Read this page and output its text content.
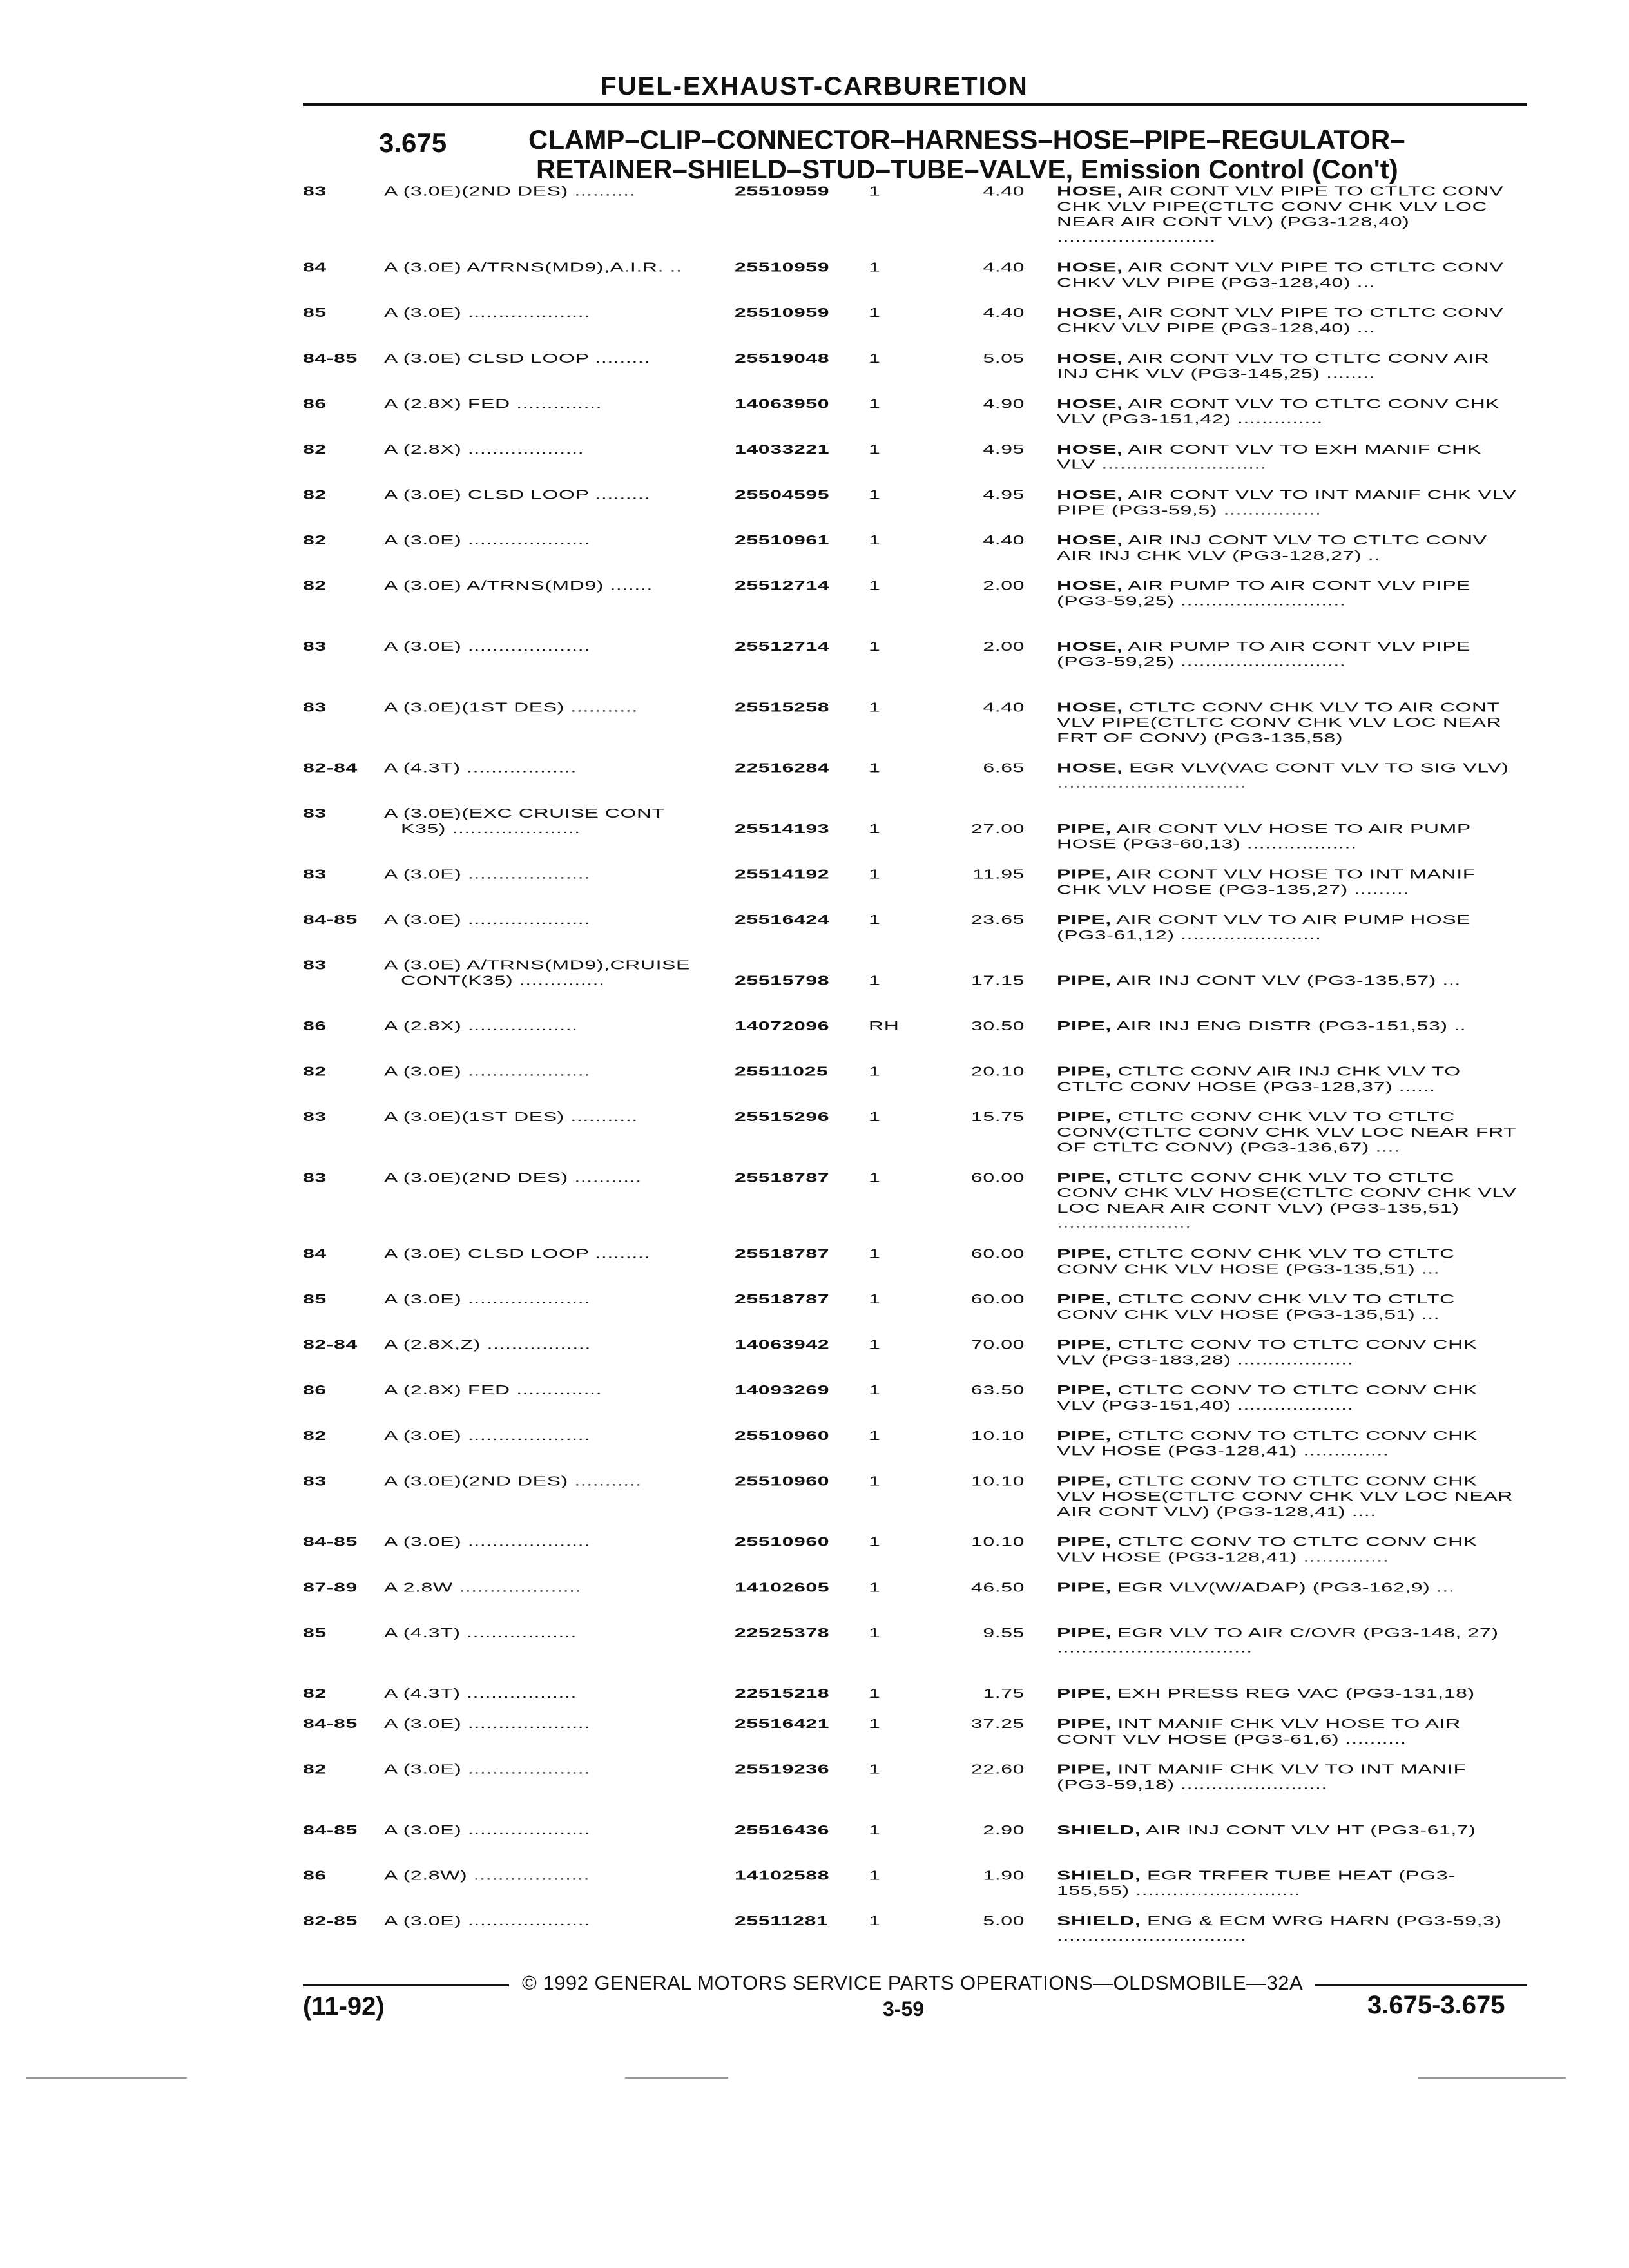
FUEL-EXHAUST-CARBURETION
3.675	CLAMP–CLIP–CONNECTOR–HARNESS–HOSE–PIPE–REGULATOR–
RETAINER–SHIELD–STUD–TUBE–VALVE, Emission Control (Con't)
83	A (3.0E)(2ND DES) ..........	25510959	1	4.40 HOSE, AIR CONT VLV PIPE TO CTLTC CONV CHK VLV PIPE(CTLTC CONV CHK VLV LOC NEAR AIR CONT VLV) (PG3-128,40) ..........................
84	A (3.0E) A/TRNS(MD9),A.I.R. ..	25510959	1	4.40 HOSE, AIR CONT VLV PIPE TO CTLTC CONV CHKV VLV PIPE (PG3-128,40) ...
85	A (3.0E) ....................	25510959	1	4.40 HOSE, AIR CONT VLV PIPE TO CTLTC CONV CHKV VLV PIPE (PG3-128,40) ...
84-85	A (3.0E) CLSD LOOP .........	25519048	1	5.05 HOSE, AIR CONT VLV TO CTLTC CONV AIR INJ CHK VLV (PG3-145,25) ........
86	A (2.8X) FED ..............	14063950	1	4.90 HOSE, AIR CONT VLV TO CTLTC CONV CHK VLV (PG3-151,42) ..............
82	A (2.8X) ...................	14033221	1	4.95 HOSE, AIR CONT VLV TO EXH MANIF CHK VLV ...........................
82	A (3.0E) CLSD LOOP .........	25504595	1	4.95 HOSE, AIR CONT VLV TO INT MANIF CHK VLV PIPE (PG3-59,5) ................
82	A (3.0E) ....................	25510961	1	4.40 HOSE, AIR INJ CONT VLV TO CTLTC CONV AIR INJ CHK VLV (PG3-128,27) ..
82	A (3.0E) A/TRNS(MD9) .......	25512714	1	2.00 HOSE, AIR PUMP TO AIR CONT VLV PIPE (PG3-59,25) ...........................
83	A (3.0E) ....................	25512714	1	2.00 HOSE, AIR PUMP TO AIR CONT VLV PIPE (PG3-59,25) ...........................
83	A (3.0E)(1ST DES) ...........	25515258	1	4.40 HOSE, CTLTC CONV CHK VLV TO AIR CONT VLV PIPE(CTLTC CONV CHK VLV LOC NEAR FRT OF CONV) (PG3-135,58)
82-84	A (4.3T) ..................	22516284	1	6.65 HOSE, EGR VLV(VAC CONT VLV TO SIG VLV) ...............................
83	A (3.0E)(EXC CRUISE CONT
K35) .....................	25514193	1	27.00 PIPE, AIR CONT VLV HOSE TO AIR PUMP HOSE (PG3-60,13) ..................
83	A (3.0E) ....................	25514192	1	11.95 PIPE, AIR CONT VLV HOSE TO INT MANIF CHK VLV HOSE (PG3-135,27) .........
84-85	A (3.0E) ....................	25516424	1	23.65 PIPE, AIR CONT VLV TO AIR PUMP HOSE (PG3-61,12) .......................
83	A (3.0E) A/TRNS(MD9),CRUISE
CONT(K35) ..............	25515798	1	17.15 PIPE, AIR INJ CONT VLV (PG3-135,57) ...
86	A (2.8X) ..................	14072096	RH	30.50 PIPE, AIR INJ ENG DISTR (PG3-151,53) ..
82	A (3.0E) ....................	25511025	1	20.10 PIPE, CTLTC CONV AIR INJ CHK VLV TO CTLTC CONV HOSE (PG3-128,37) ......
83	A (3.0E)(1ST DES) ...........	25515296	1	15.75 PIPE, CTLTC CONV CHK VLV TO CTLTC CONV(CTLTC CONV CHK VLV LOC NEAR FRT OF CTLTC CONV) (PG3-136,67) ....
83	A (3.0E)(2ND DES) ...........	25518787	1	60.00 PIPE, CTLTC CONV CHK VLV TO CTLTC CONV CHK VLV HOSE(CTLTC CONV CHK VLV LOC NEAR AIR CONT VLV) (PG3-135,51) ......................
84	A (3.0E) CLSD LOOP .........	25518787	1	60.00 PIPE, CTLTC CONV CHK VLV TO CTLTC CONV CHK VLV HOSE (PG3-135,51) ...
85	A (3.0E) ....................	25518787	1	60.00 PIPE, CTLTC CONV CHK VLV TO CTLTC CONV CHK VLV HOSE (PG3-135,51) ...
82-84	A (2.8X,Z) .................	14063942	1	70.00 PIPE, CTLTC CONV TO CTLTC CONV CHK VLV (PG3-183,28) ...................
86	A (2.8X) FED ..............	14093269	1	63.50 PIPE, CTLTC CONV TO CTLTC CONV CHK VLV (PG3-151,40) ...................
82	A (3.0E) ....................	25510960	1	10.10 PIPE, CTLTC CONV TO CTLTC CONV CHK VLV HOSE (PG3-128,41) ..............
83	A (3.0E)(2ND DES) ...........	25510960	1	10.10 PIPE, CTLTC CONV TO CTLTC CONV CHK VLV HOSE(CTLTC CONV CHK VLV LOC NEAR AIR CONT VLV) (PG3-128,41) ....
84-85	A (3.0E) ....................	25510960	1	10.10 PIPE, CTLTC CONV TO CTLTC CONV CHK VLV HOSE (PG3-128,41) ..............
87-89	A 2.8W ....................	14102605	1	46.50 PIPE, EGR VLV(W/ADAP) (PG3-162,9) ...
85	A (4.3T) ..................	22525378	1	9.55 PIPE, EGR VLV TO AIR C/OVR (PG3-148, 27) ................................
82	A (4.3T) ..................	22515218	1	1.75 PIPE, EXH PRESS REG VAC (PG3-131,18)
84-85	A (3.0E) ....................	25516421	1	37.25 PIPE, INT MANIF CHK VLV HOSE TO AIR CONT VLV HOSE (PG3-61,6) ..........
82	A (3.0E) ....................	25519236	1	22.60 PIPE, INT MANIF CHK VLV TO INT MANIF (PG3-59,18) ........................
84-85	A (3.0E) ....................	25516436	1	2.90 SHIELD, AIR INJ CONT VLV HT (PG3-61,7)
86	A (2.8W) ...................	14102588	1	1.90 SHIELD, EGR TRFER TUBE HEAT (PG3-155,55) ...........................
82-85	A (3.0E) ....................	25511281	1	5.00 SHIELD, ENG & ECM WRG HARN (PG3-59,3) ...............................
© 1992 GENERAL MOTORS SERVICE PARTS OPERATIONS—OLDSMOBILE—32A
(11-92)	3-59	3.675-3.675
